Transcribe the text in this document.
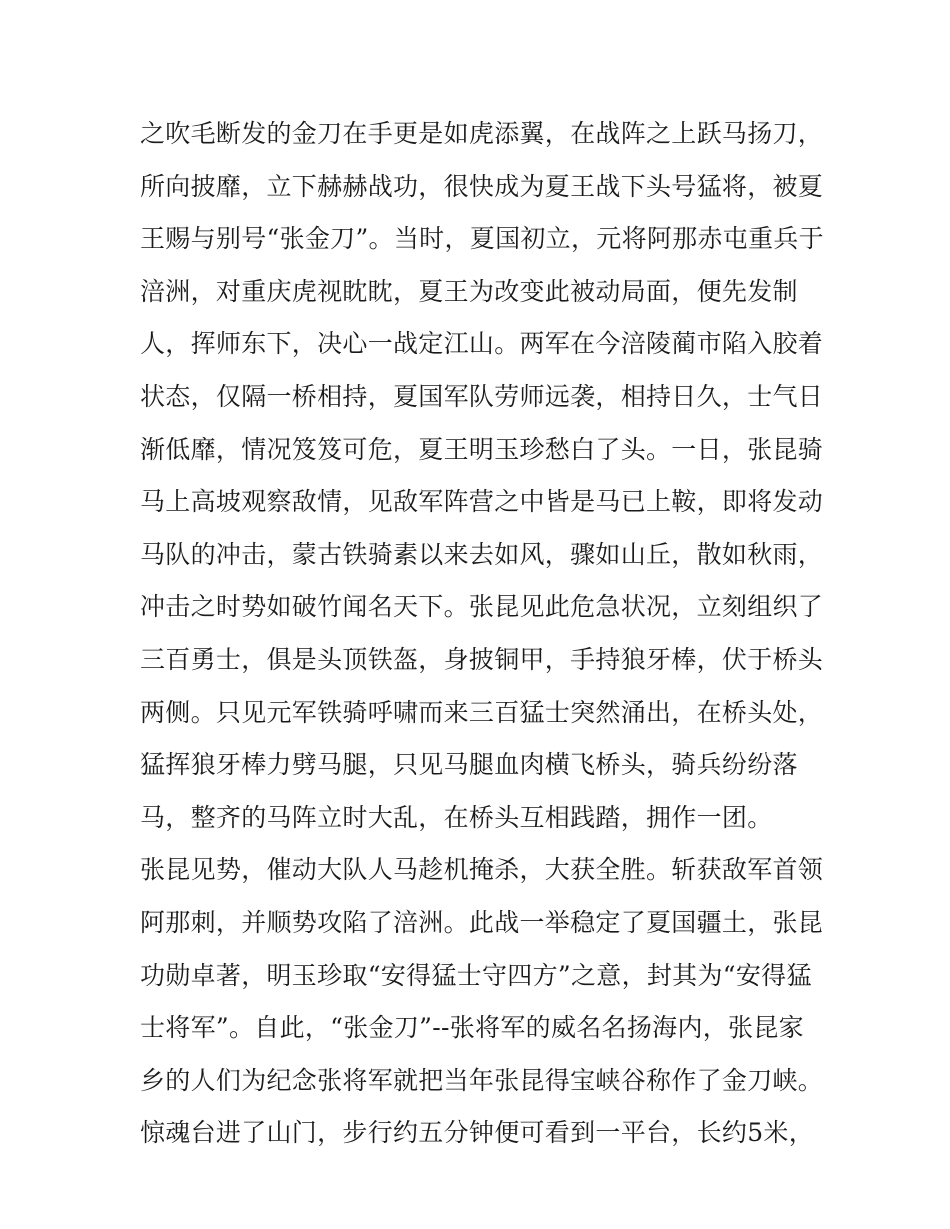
之吹毛断发的金刀在手更是如虎添翼，在战阵之上跃马扬刀，
所向披靡，立下赫赫战功，很快成为夏王战下头号猛将，被夏
王赐与别号“张金刀”。当时，夏国初立，元将阿那赤屯重兵于
涪洲，对重庆虎视眈眈，夏王为改变此被动局面，便先发制
人，挥师东下，决心一战定江山。两军在今涪陵蔺市陷入胶着
状态，仅隔一桥相持，夏国军队劳师远袭，相持日久，士气日
渐低靡，情况笈笈可危，夏王明玉珍愁白了头。一日，张昆骑
马上高坡观察敌情，见敌军阵营之中皆是马已上鞍，即将发动
马队的冲击，蒙古铁骑素以来去如风，骤如山丘，散如秋雨，
冲击之时势如破竹闻名天下。张昆见此危急状况，立刻组织了
三百勇士，俱是头顶铁盔，身披铜甲，手持狼牙棒，伏于桥头
两侧。只见元军铁骑呼啸而来三百猛士突然涌出，在桥头处，
猛挥狼牙棒力劈马腿，只见马腿血肉横飞桥头，骑兵纷纷落
马，整齐的马阵立时大乱，在桥头互相践踏，拥作一团。
张昆见势，催动大队人马趁机掩杀，大获全胜。斩获敌军首领
阿那刺，并顺势攻陷了涪洲。此战一举稳定了夏国疆土，张昆
功勋卓著，明玉珍取“安得猛士守四方”之意，封其为“安得猛
士将军”。自此，“张金刀”--张将军的威名名扬海内，张昆家
乡的人们为纪念张将军就把当年张昆得宝峡谷称作了金刀峡。
惊魂台进了山门，步行约五分钟便可看到一平台，长约5米，
